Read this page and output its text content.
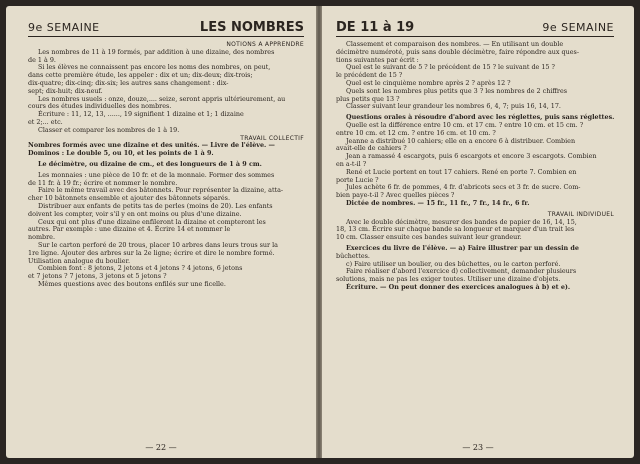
9e SEMAINE	LES NOMBRES
NOTIONS A APPRENDRE
Les nombres de 11 à 19 formés, par addition à une dizaine, des nombres
de 1 à 9.
Si les élèves ne connaissent pas encore les noms des nombres, on peut,
dans cette première étude, les appeler : dix et un; dix-deux; dix-trois;
dix-quatre; dix-cinq; dix-six; les autres sans changement : dix-
sept; dix-huit; dix-neuf.
Les nombres usuels : onze, douze,.... seize, seront appris ultérieurement, au
cours des études individuelles des nombres.
Écriture : 11, 12, 13, ......, 19 signifient 1 dizaine et 1; 1 dizaine
et 2;... etc.
Classer et comparer les nombres de 1 à 19.
TRAVAIL COLLECTIF
Nombres formés avec une dizaine et des unités. — Livre de l'élève. —
Dominos : Le double 5, ou 10, et les points de 1 à 9.
Le décimètre, ou dizaine de cm., et des longueurs de 1 à 9 cm.
Les monnaies : une pièce de 10 fr. et de la monnaie. Former des sommes
de 11 fr. à 19 fr.; écrire et nommer le nombre.
Faire le même travail avec des bâtonnets. Pour représenter la dizaine, atta-
cher 10 bâtonnets ensemble et ajouter des bâtonnets séparés.
Distribuer aux enfants de petits tas de perles (moins de 20). Les enfants
doivent les compter, voir s'il y en ont moins ou plus d'une dizaine.
Ceux qui ont plus d'une dizaine enfileront la dizaine et compteront les
autres. Par exemple : une dizaine et 4. Écrire 14 et nommer le
nombre.
Sur le carton perforé de 20 trous, placer 10 arbres dans leurs trous sur la
1re ligne. Ajouter des arbres sur la 2e ligne; écrire et dire le nombre formé.
Utilisation analogue du boulier.
Combien font : 8 jetons, 2 jetons et 4 jetons ? 4 jetons, 6 jetons
et 7 jetons ? 7 jetons, 3 jetons et 5 jetons ?
Mêmes questions avec des boutons enfilés sur une ficelle.
— 22 —
DE 11 à 19	9e SEMAINE
Classement et comparaison des nombres. — En utilisant un double
décimètre numéroté, puis sans double décimètre, faire répondre aux ques-
tions suivantes par écrit :
Quel est le suivant de 5 ? le précédent de 15 ? le suivant de 15 ?
le précédent de 15 ?
Quel est le cinquième nombre après 2 ? après 12 ?
Quels sont les nombres plus petits que 3 ? les nombres de 2 chiffres
plus petits que 13 ?
Classer suivant leur grandeur les nombres 6, 4, 7; puis 16, 14, 17.
Questions orales à résoudre d'abord avec les réglettes, puis sans réglettes.
Quelle est la différence entre 10 cm. et 17 cm. ? entre 10 cm. et 15 cm. ?
entre 10 cm. et 12 cm. ? entre 16 cm. et 10 cm. ?
Jeanne a distribué 10 cahiers; elle en a encore 6 à distribuer. Combien
avait-elle de cahiers ?
Jean a ramassé 4 escargots, puis 6 escargots et encore 3 escargots. Combien
en a-t-il ?
René et Lucie portent en tout 17 cahiers. René en porte 7. Combien en
porte Lucie ?
Jules achète 6 fr. de pommes, 4 fr. d'abricots secs et 3 fr. de sucre. Com-
bien paye-t-il ? Avec quelles pièces ?
Dictée de nombres. — 15 fr., 11 fr., 7 fr., 14 fr., 6 fr.
TRAVAIL INDIVIDUEL
Avec le double décimètre, mesurer des bandes de papier de 16, 14, 15,
18, 13 cm. Écrire sur chaque bande sa longueur et marquer d'un trait les
10 cm. Classer ensuite ces bandes suivant leur grandeur.
Exercices du livre de l'élève. — a) Faire illustrer par un dessin de
bûchettes.
c) Faire utiliser un boulier, ou des bûchettes, ou le carton perforé.
Faire réaliser d'abord l'exercice d) collectivement, demander plusieurs
solutions, mais ne pas les exiger toutes. Utiliser une dizaine d'objets.
Écriture. — On peut donner des exercices analogues à b) et e).
— 23 —
